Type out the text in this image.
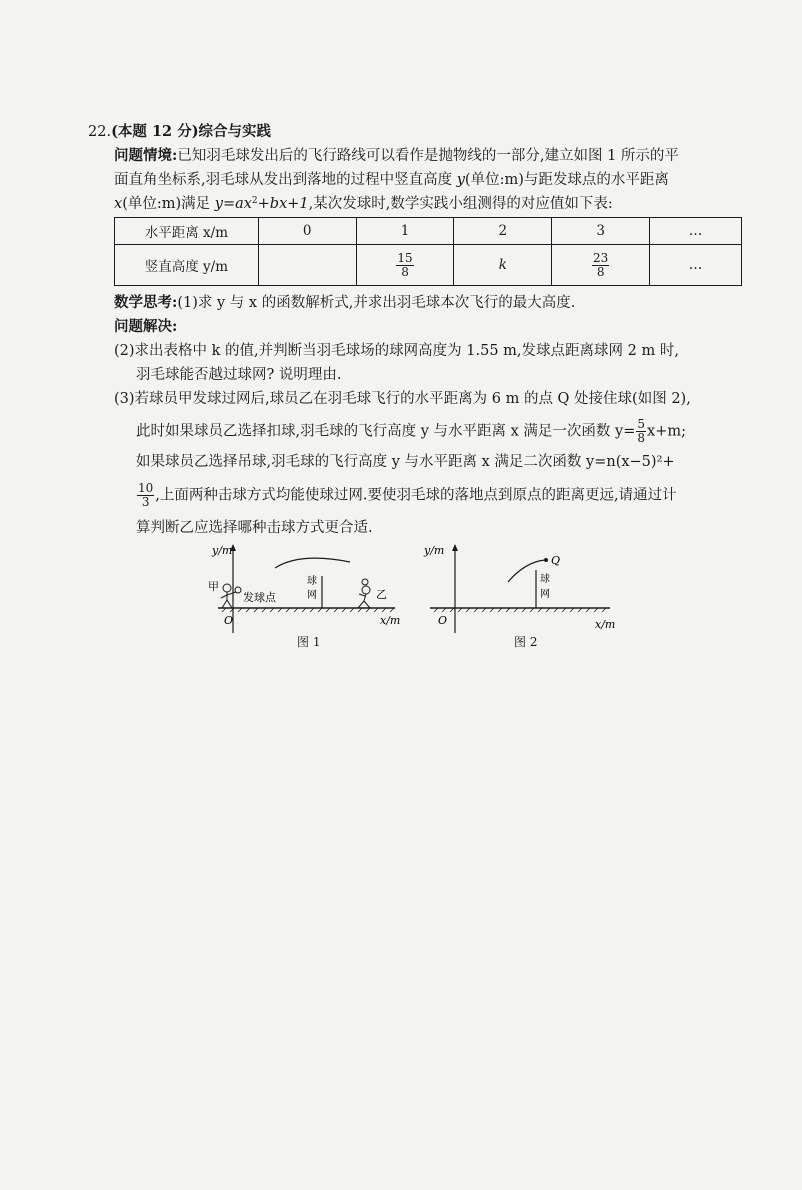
22.(本题 12 分)综合与实践
问题情境:已知羽毛球发出后的飞行路线可以看作是抛物线的一部分,建立如图 1 所示的平
面直角坐标系,羽毛球从发出到落地的过程中竖直高度 y(单位:m)与距发球点的水平距离
x(单位:m)满足 $y=ax^2+bx+1$,某次发球时,数学实践小组测得的对应值如下表:
水平距离 x/m	0	1	2	3	…
竖直高度 y/m		$\frac{15}{8}$	k	$\frac{23}{8}$	…
数学思考:(1)求 y 与 x 的函数解析式,并求出羽毛球本次飞行的最大高度.
问题解决:
(2)求出表格中 k 的值,并判断当羽毛球场的球网高度为 1.55 m,发球点距离球网 2 m 时,
羽毛球能否越过球网? 说明理由.
(3)若球员甲发球过网后,球员乙在羽毛球飞行的水平距离为 6 m 的点 Q 处接住球(如图 2),
此时如果球员乙选择扣球,羽毛球的飞行高度 y 与水平距离 x 满足一次函数 $y= \frac{5}{8} x+m$;
如果球员乙选择吊球,羽毛球的飞行高度 y 与水平距离 x 满足二次函数 y=n(x−5)²+
$\frac{10}{3}$ ,上面两种击球方式均能使球过网.要使羽毛球的落地点到原点的距离更远,请通过计
算判断乙应选择哪种击球方式更合适.
y/m
O	x/m
甲
发球点
球
网	乙
图 1
y/m
O	x/m
Q
球
网
图 2
